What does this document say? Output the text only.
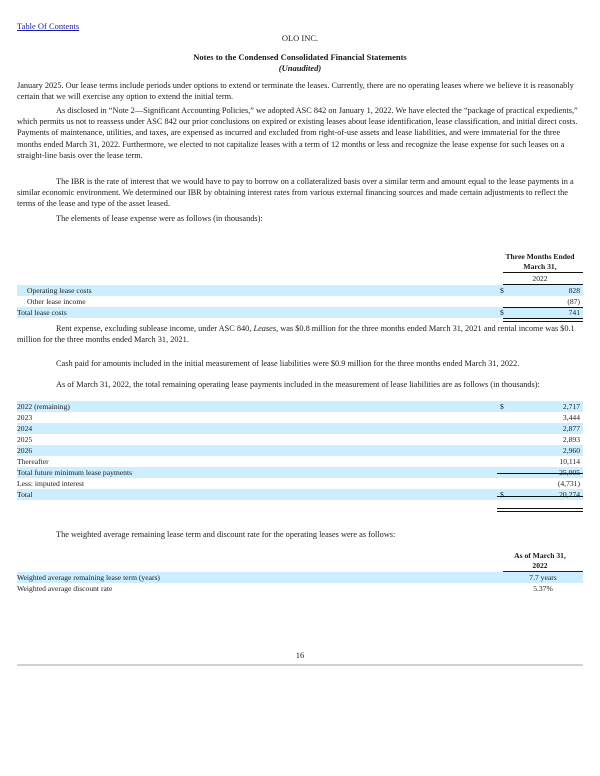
Table Of Contents
OLO INC.
Notes to the Condensed Consolidated Financial Statements
(Unaudited)

January 2025. Our lease terms include periods under options to extend or terminate the leases. Currently, there are no operating leases where we believe it is reasonably certain that we will exercise any option to extend the initial term.

As disclosed in “Note 2—Significant Accounting Policies,” we adopted ASC 842 on January 1, 2022. We have elected the “package of practical expedients,” which permits us not to reassess under ASC 842 our prior conclusions on expired or existing leases about lease identification, lease classification, and initial direct costs. Payments of maintenance, utilities, and taxes, are expensed as incurred and excluded from right-of-use assets and lease liabilities, and were immaterial for the three months ended March 31, 2022. Furthermore, we elected to not capitalize leases with a term of 12 months or less and recognize the lease expense for such leases on a straight-line basis over the lease term.

The IBR is the rate of interest that we would have to pay to borrow on a collateralized basis over a similar term and amount equal to the lease payments in a similar economic environment. We determined our IBR by obtaining interest rates from various external financing sources and made certain adjustments to reflect the terms of the lease and type of the asset leased.

The elements of lease expense were as follows (in thousands):

Three Months Ended
March 31,
2022
Operating lease costs	$	828
Other lease income		(87)
Total lease costs	$	741

Rent expense, excluding sublease income, under ASC 840, Leases, was $0.8 million for the three months ended March 31, 2021 and rental income was $0.1 million for the three months ended March 31, 2021.

Cash paid for amounts included in the initial measurement of lease liabilities were $0.9 million for the three months ended March 31, 2022.

As of March 31, 2022, the total remaining operating lease payments included in the measurement of lease liabilities are as follows (in thousands):

2022 (remaining)	$	2,717
2023		3,444
2024		2,877
2025		2,893
2026		2,960
Thereafter		10,114
Total future minimum lease payments		25,005
Less: imputed interest		(4,731)
Total	$	20,274

The weighted average remaining lease term and discount rate for the operating leases were as follows:

As of March 31,
2022
Weighted average remaining lease term (years)	7.7 years
Weighted average discount rate	5.37%
16
